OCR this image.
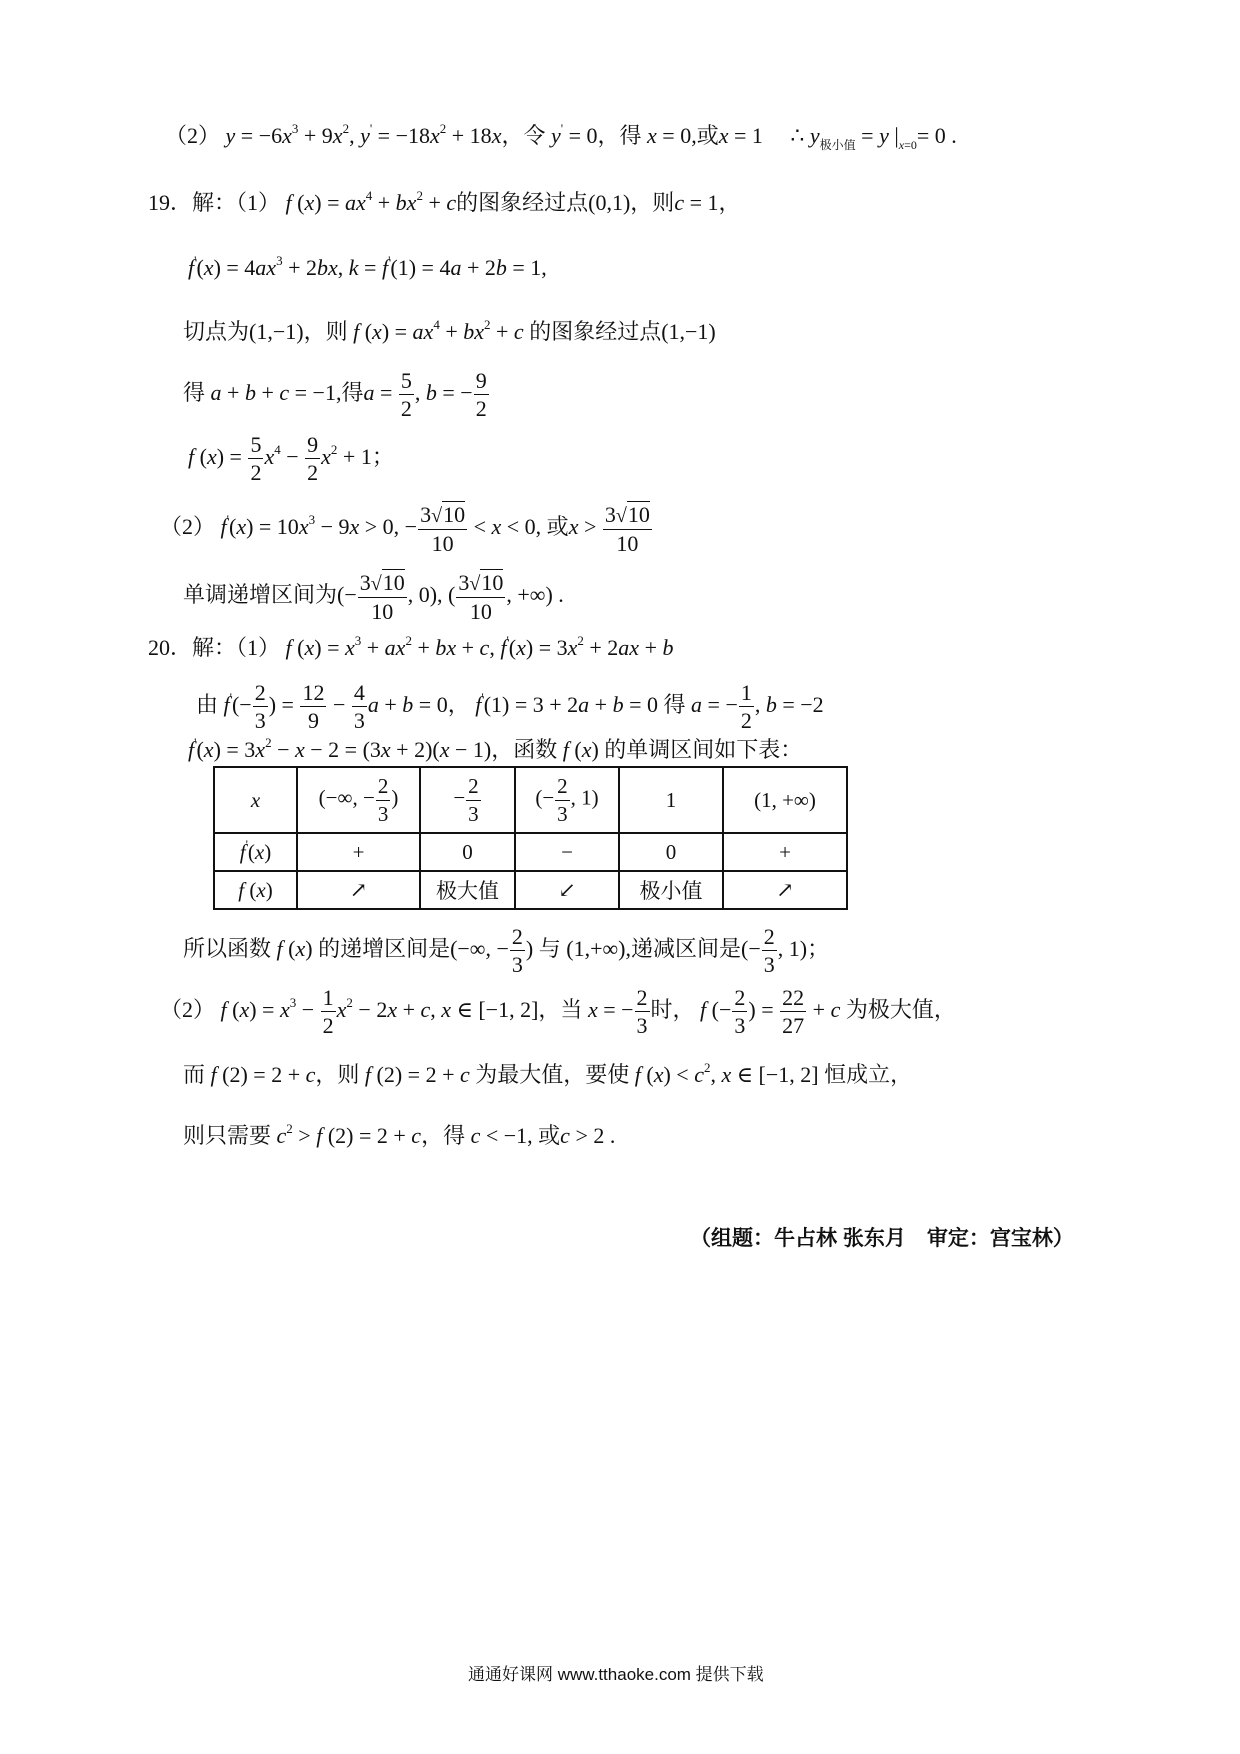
（2） $y = -6x^3 + 9x^2$, $y' = -18x^2 + 18x$，令 y' = 0，得 x = 0,或x = 1 ∴ $y_{极小值} = y$ $|_{x=0}= 0$ .
19．解：（1） f $(x) = ax^4 + bx^2 + c$的图象经过点(0,1)，则c = 1，
$f'(x) = 4ax^3 + 2bx$, k = f'(1) = 4a + 2b = 1,
切点为(1,−1)，则 f $(x) = ax^4 + bx^2 + c$ 的图象经过点(1,−1)
得 a + b + c = −1,得$a = \frac{5}{2}$ , b = − $\frac{9}{2}$
f $(x) = \frac{5}{2} x^4 - \frac{9}{2} x^2 + 1$；
（2） $f'(x) = 10x^3 - 9x > 0$, − $\frac{3√10}{10} < x < 0$, 或$x > \frac{3√10}{10}$
单调递增区间为(− $\frac{3√10}{10}$ , 0), ( $\frac{3√10}{10}$ , +∞) .
20．解：（1） f $(x) = x^3 + ax^2$ + bx + c, $f'(x) = 3x^2 + 2ax + b$
由 $f'(- \frac{2}{3}$ ) = $\frac{12}{9} - \frac{4}{3}$ a + b = 0， f'(1) = 3 + 2a + b = 0 得 a = − $\frac{1}{2}$ , b = −2
$f'(x) = 3x^2 - x - 2 = (3x + 2)(x - 1)$，函数 f (x) 的单调区间如下表：
x	(−∞, − $\frac{2}{3}$ )	− $\frac{2}{3}$	(− $\frac{2}{3}$ , 1)	1	(1, +∞)
f'(x)	+	0	−	0	+
f (x)	↗	极大值	↙	极小值	↗
所以函数 f (x) 的递增区间是(−∞, − $\frac{2}{3}$ ) 与 (1,+∞),递减区间是(− $\frac{2}{3}$ , 1)；
（2） f $(x) = x^3 - \frac{1}{2} x^2 - 2x + c$, x ∈ [−1, 2]，当 x = − $\frac{2}{3}$ 时， f (− $\frac{2}{3}$ ) = $\frac{22}{27} + c$ 为极大值，
而 f (2) = 2 + c，则 f (2) = 2 + c 为最大值，要使 f $(x) < c^2$, x ∈ [−1, 2] 恒成立，
则只需要 $c^2 > f$ (2) = 2 + c，得 c < −1, 或c > 2 .
（组题：牛占林 张东月　审定：宫宝林）
通通好课网 www.tthaoke.com 提供下载
